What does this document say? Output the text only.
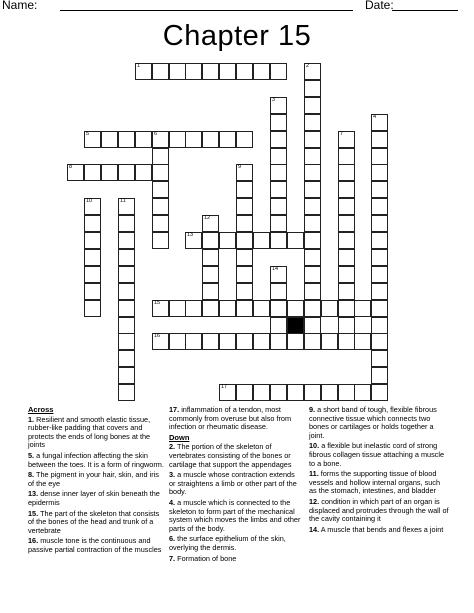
Name:	Date:
Chapter 15
1	2
3
4
5	6	7
8	9
10	11
12
13
14
15
16
17
Across
1. Resilient and smooth elastic tissue, rubber-like padding that covers and protects the ends of long bones at the joints
5. a fungal infection affecting the skin between the toes. It is a form of ringworm.
8. The pigment in your hair, skin, and iris of the eye
13. dense inner layer of skin beneath the epidermis
15. The part of the skeleton that consists of the bones of the head and trunk of a vertebrate
16. muscle tone is the continuous and passive partial contraction of the muscles
17. inflammation of a tendon, most commonly from overuse but also from infection or rheumatic disease.
Down
2. The portion of the skeleton of vertebrates consisting of the bones or cartilage that support the appendages
3. a muscle whose contraction extends or straightens a limb or other part of the body.
4. a muscle which is connected to the skeleton to form part of the mechanical system which moves the limbs and other parts of the body.
6. the surface epithelium of the skin, overlying the dermis.
7. Formation of bone
9. a short band of tough, flexible fibrous connective tissue which connects two bones or cartilages or holds together a joint.
10. a flexible but inelastic cord of strong fibrous collagen tissue attaching a muscle to a bone.
11. forms the supporting tissue of blood vessels and hollow internal organs, such as the stomach, intestines, and bladder
12. condition in which part of an organ is displaced and protrudes through the wall of the cavity containing it
14. A muscle that bends and flexes a joint
